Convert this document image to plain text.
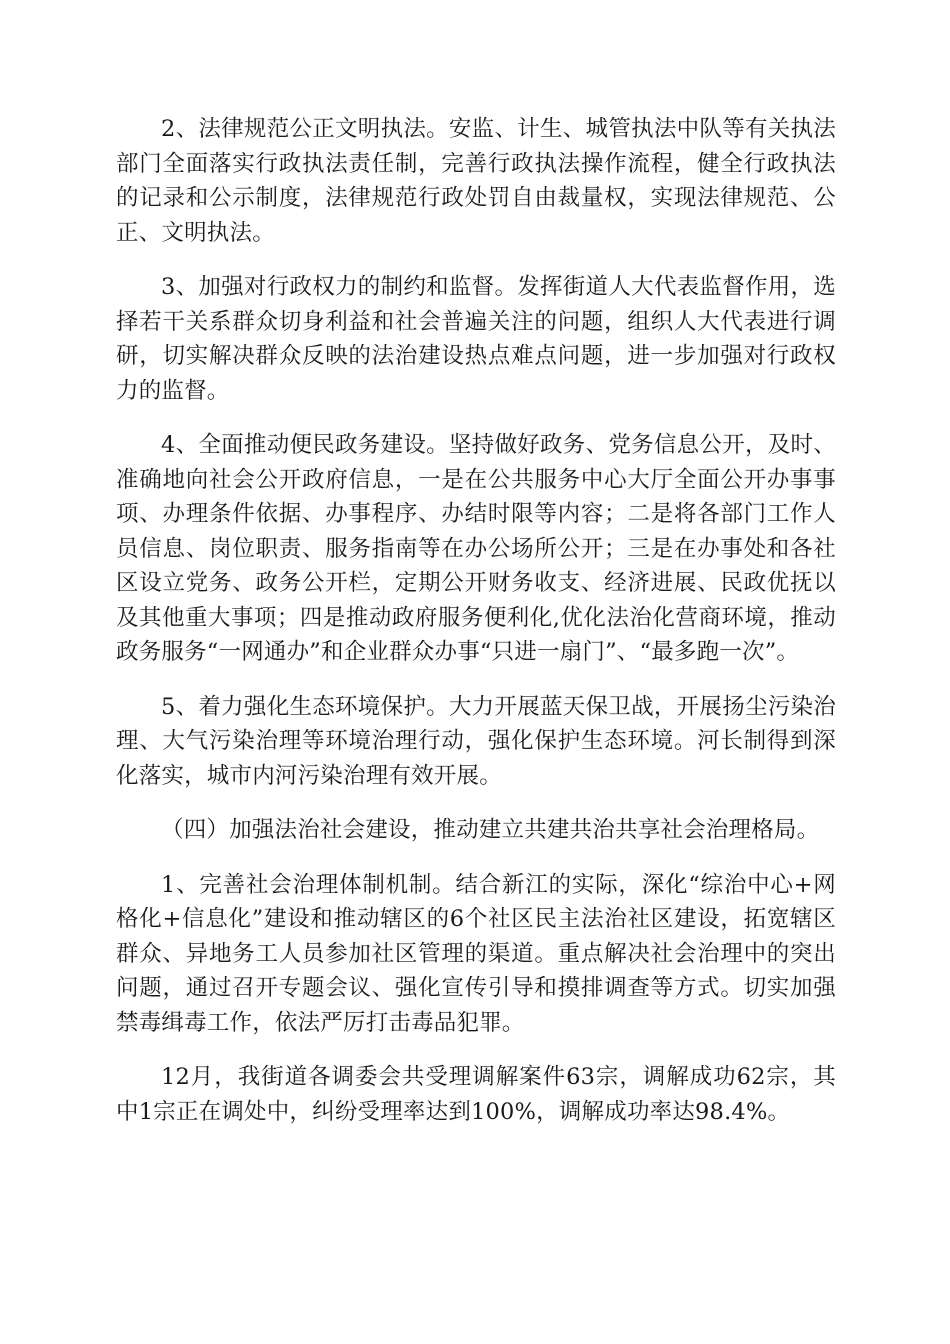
2、法律规范公正文明执法。安监、计生、城管执法中队等有关执法部门全面落实行政执法责任制，完善行政执法操作流程，健全行政执法的记录和公示制度，法律规范行政处罚自由裁量权，实现法律规范、公正、文明执法。

3、加强对行政权力的制约和监督。发挥街道人大代表监督作用，选择若干关系群众切身利益和社会普遍关注的问题，组织人大代表进行调研，切实解决群众反映的法治建设热点难点问题，进一步加强对行政权力的监督。

4、全面推动便民政务建设。坚持做好政务、党务信息公开，及时、准确地向社会公开政府信息，一是在公共服务中心大厅全面公开办事事项、办理条件依据、办事程序、办结时限等内容；二是将各部门工作人员信息、岗位职责、服务指南等在办公场所公开；三是在办事处和各社区设立党务、政务公开栏，定期公开财务收支、经济进展、民政优抚以及其他重大事项；四是推动政府服务便利化,优化法治化营商环境，推动政务服务“一网通办”和企业群众办事“只进一扇门”、“最多跑一次”。

5、着力强化生态环境保护。大力开展蓝天保卫战，开展扬尘污染治理、大气污染治理等环境治理行动，强化保护生态环境。河长制得到深化落实，城市内河污染治理有效开展。

（四）加强法治社会建设，推动建立共建共治共享社会治理格局。

1、完善社会治理体制机制。结合新江的实际，深化“综治中心+网格化+信息化”建设和推动辖区的6个社区民主法治社区建设，拓宽辖区群众、异地务工人员参加社区管理的渠道。重点解决社会治理中的突出问题，通过召开专题会议、强化宣传引导和摸排调查等方式。切实加强禁毒缉毒工作，依法严厉打击毒品犯罪。

12月，我街道各调委会共受理调解案件63宗，调解成功62宗，其中1宗正在调处中，纠纷受理率达到100%，调解成功率达98.4%。
